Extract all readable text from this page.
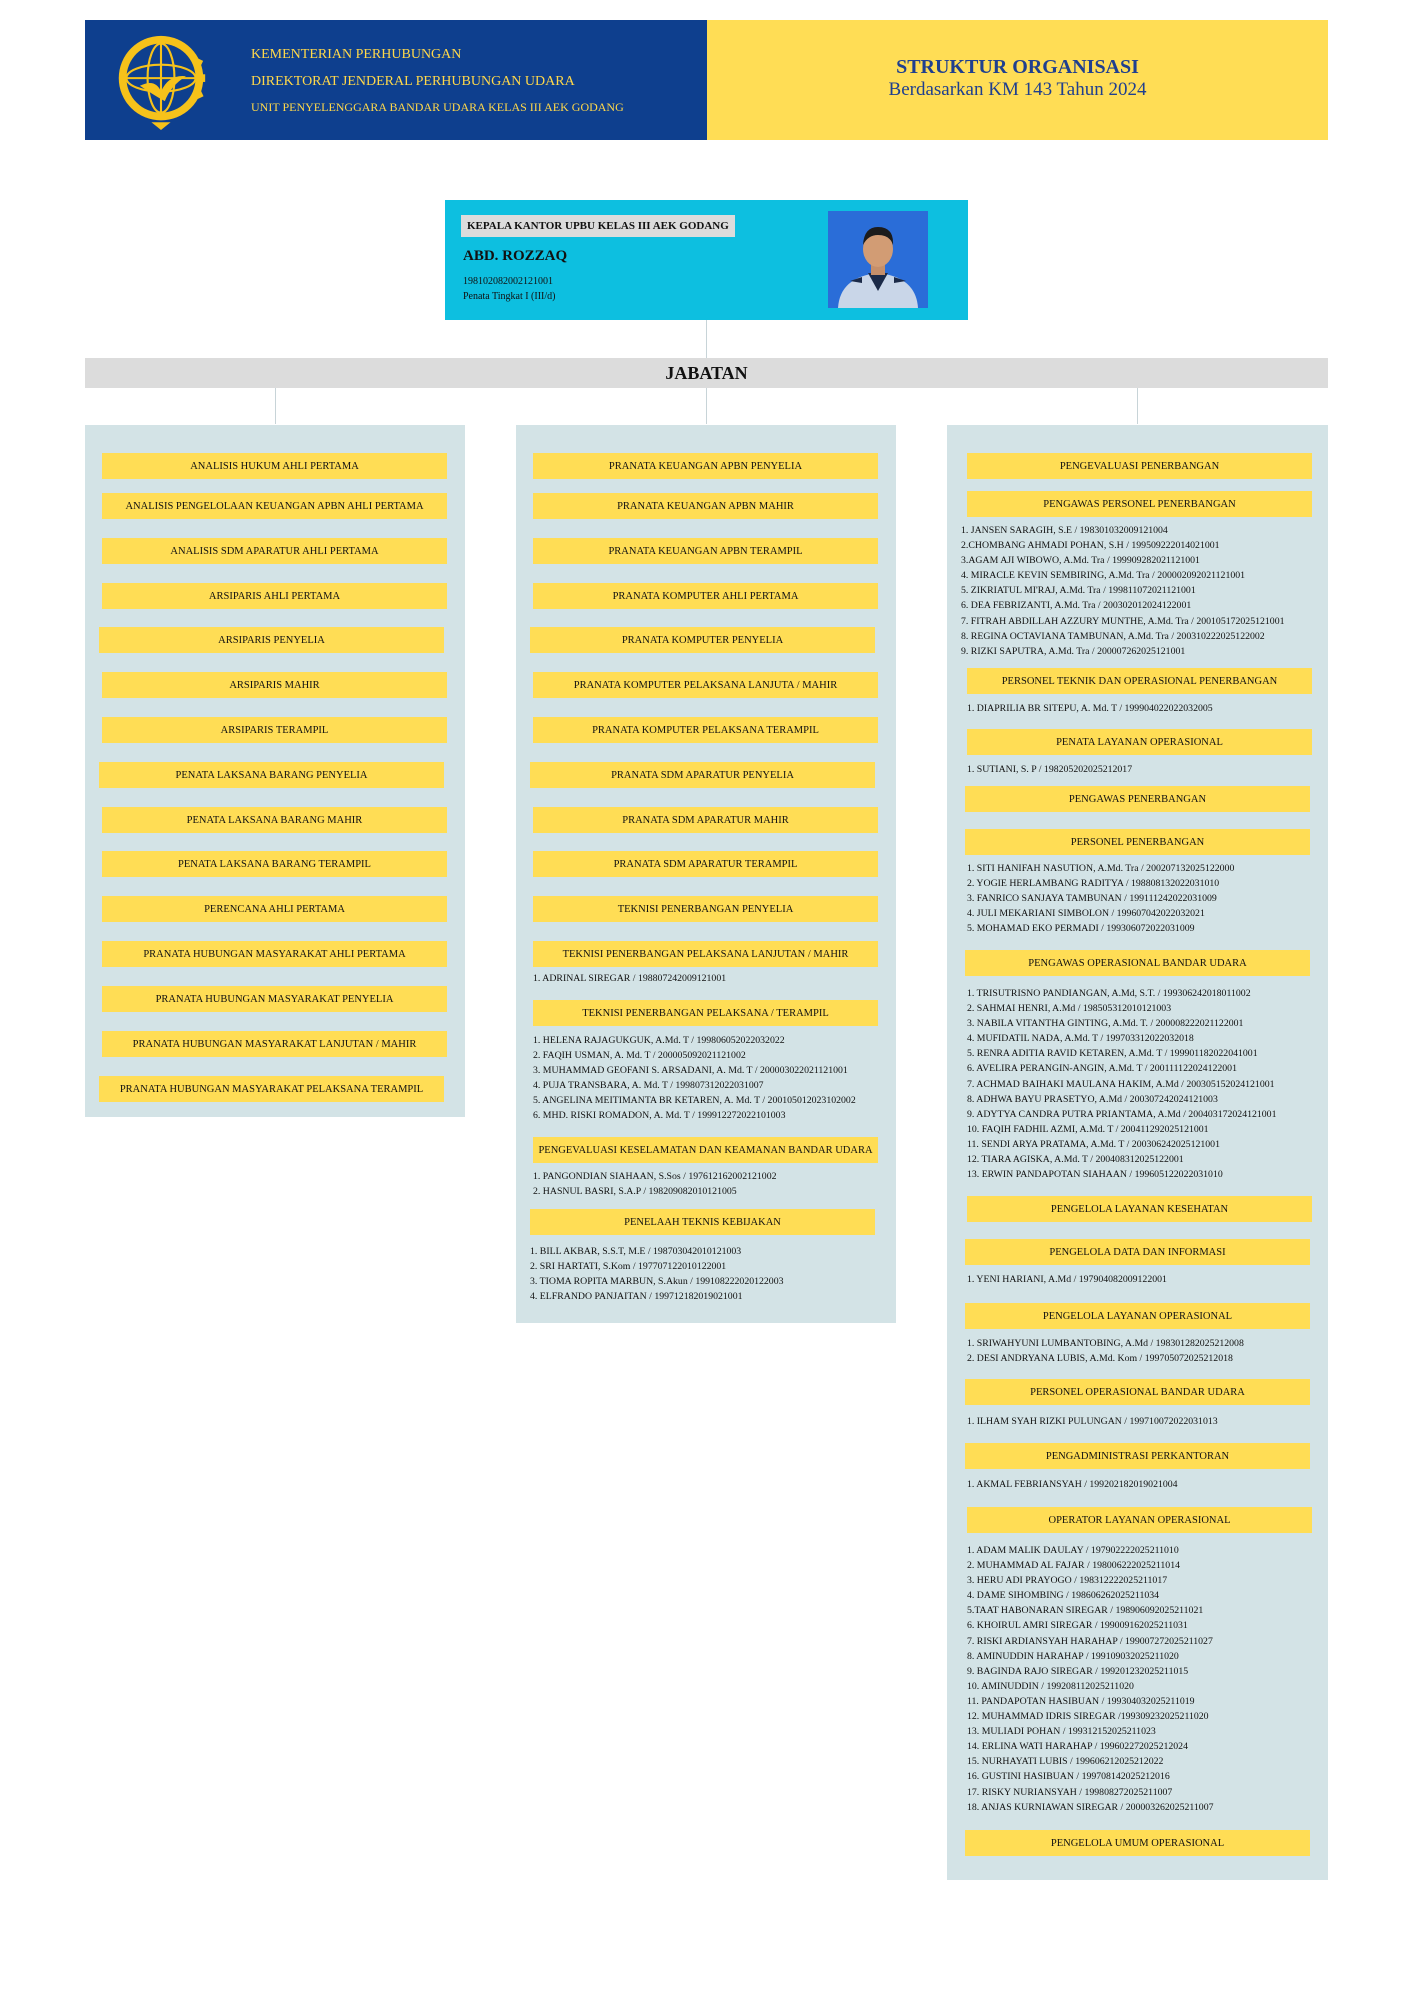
KEMENTERIAN PERHUBUNGAN
DIREKTORAT JENDERAL PERHUBUNGAN UDARA
UNIT PENYELENGGARA BANDAR UDARA KELAS III AEK GODANG
STRUKTUR ORGANISASI
Berdasarkan KM 143 Tahun 2024
KEPALA KANTOR UPBU KELAS III AEK GODANG
ABD. ROZZAQ
198102082002121001
Penata Tingkat I (III/d)
JABATAN
ANALISIS HUKUM AHLI PERTAMA
ANALISIS PENGELOLAAN KEUANGAN APBN AHLI PERTAMA
ANALISIS SDM APARATUR AHLI PERTAMA
ARSIPARIS AHLI PERTAMA
ARSIPARIS PENYELIA
ARSIPARIS MAHIR
ARSIPARIS TERAMPIL
PENATA LAKSANA BARANG PENYELIA
PENATA LAKSANA BARANG MAHIR
PENATA LAKSANA BARANG TERAMPIL
PERENCANA AHLI PERTAMA
PRANATA HUBUNGAN MASYARAKAT AHLI PERTAMA
PRANATA HUBUNGAN MASYARAKAT PENYELIA
PRANATA HUBUNGAN MASYARAKAT LANJUTAN / MAHIR
PRANATA HUBUNGAN MASYARAKAT PELAKSANA TERAMPIL
PRANATA KEUANGAN APBN PENYELIA
PRANATA KEUANGAN APBN MAHIR
PRANATA KEUANGAN APBN TERAMPIL
PRANATA KOMPUTER AHLI PERTAMA
PRANATA KOMPUTER PENYELIA
PRANATA KOMPUTER PELAKSANA LANJUTA / MAHIR
PRANATA KOMPUTER PELAKSANA TERAMPIL
PRANATA SDM APARATUR PENYELIA
PRANATA SDM APARATUR MAHIR
PRANATA SDM APARATUR TERAMPIL
TEKNISI PENERBANGAN PENYELIA
TEKNISI PENERBANGAN PELAKSANA LANJUTAN / MAHIR
1. ADRINAL SIREGAR / 198807242009121001
TEKNISI PENERBANGAN PELAKSANA / TERAMPIL
1. HELENA RAJAGUKGUK, A.Md. T / 199806052022032022
2. FAQIH USMAN, A. Md. T / 200005092021121002
3. MUHAMMAD GEOFANI S. ARSADANI, A. Md. T / 200003022021121001
4. PUJA TRANSBARA, A. Md. T / 199807312022031007
5. ANGELINA MEITIMANTA BR KETAREN, A. Md. T / 200105012023102002
6. MHD. RISKI ROMADON, A. Md. T / 199912272022101003
PENGEVALUASI KESELAMATAN DAN KEAMANAN BANDAR UDARA
1. PANGONDIAN SIAHAAN, S.Sos / 197612162002121002
2. HASNUL BASRI, S.A.P / 198209082010121005
PENELAAH TEKNIS KEBIJAKAN
1. BILL AKBAR, S.S.T, M.E / 198703042010121003
2. SRI HARTATI, S.Kom / 197707122010122001
3. TIOMA ROPITA MARBUN, S.Akun / 199108222020122003
4. ELFRANDO PANJAITAN / 199712182019021001
PENGEVALUASI PENERBANGAN
PENGAWAS PERSONEL PENERBANGAN
1. JANSEN SARAGIH, S.E / 198301032009121004
2.CHOMBANG AHMADI POHAN, S.H / 199509222014021001
3.AGAM AJI WIBOWO, A.Md. Tra / 199909282021121001
4. MIRACLE KEVIN SEMBIRING, A.Md. Tra / 200002092021121001
5. ZIKRIATUL MI'RAJ, A.Md. Tra / 199811072021121001
6. DEA FEBRIZANTI, A.Md. Tra / 200302012024122001
7. FITRAH ABDILLAH AZZURY MUNTHE, A.Md. Tra / 200105172025121001
8. REGINA OCTAVIANA TAMBUNAN, A.Md. Tra / 200310222025122002
9. RIZKI SAPUTRA, A.Md. Tra / 200007262025121001
PERSONEL TEKNIK DAN OPERASIONAL PENERBANGAN
1. DIAPRILIA BR SITEPU, A. Md. T / 199904022022032005
PENATA LAYANAN OPERASIONAL
1. SUTIANI, S. P / 198205202025212017
PENGAWAS PENERBANGAN
PERSONEL PENERBANGAN
1. SITI HANIFAH NASUTION, A.Md. Tra / 200207132025122000
2. YOGIE HERLAMBANG RADITYA / 198808132022031010
3. FANRICO SANJAYA TAMBUNAN / 199111242022031009
4. JULI MEKARIANI SIMBOLON / 199607042022032021
5. MOHAMAD EKO PERMADI / 199306072022031009
PENGAWAS OPERASIONAL BANDAR UDARA
1. TRISUTRISNO PANDIANGAN, A.Md, S.T. / 199306242018011002
2. SAHMAI HENRI, A.Md / 198505312010121003
3. NABILA VITANTHA GINTING, A.Md. T. / 200008222021122001
4. MUFIDATIL NADA, A.Md. T / 199703312022032018
5. RENRA ADITIA RAVID KETAREN, A.Md. T / 199901182022041001
6. AVELIRA PERANGIN-ANGIN, A.Md. T / 200111122024122001
7. ACHMAD BAIHAKI MAULANA HAKIM, A.Md / 200305152024121001
8. ADHWA BAYU PRASETYO, A.Md / 200307242024121003
9. ADYTYA CANDRA PUTRA PRIANTAMA, A.Md / 200403172024121001
10. FAQIH FADHIL AZMI, A.Md. T / 200411292025121001
11. SENDI ARYA PRATAMA, A.Md. T / 200306242025121001
12. TIARA AGISKA, A.Md. T / 200408312025122001
13. ERWIN PANDAPOTAN SIAHAAN / 199605122022031010
PENGELOLA LAYANAN KESEHATAN
PENGELOLA DATA DAN INFORMASI
1. YENI HARIANI, A.Md / 197904082009122001
PENGELOLA LAYANAN OPERASIONAL
1. SRIWAHYUNI LUMBANTOBING, A.Md / 198301282025212008
2. DESI ANDRYANA LUBIS, A.Md. Kom / 199705072025212018
PERSONEL OPERASIONAL BANDAR UDARA
1. ILHAM SYAH RIZKI PULUNGAN / 199710072022031013
PENGADMINISTRASI PERKANTORAN
1. AKMAL FEBRIANSYAH / 199202182019021004
OPERATOR LAYANAN OPERASIONAL
1. ADAM MALIK DAULAY / 197902222025211010
2. MUHAMMAD AL FAJAR / 198006222025211014
3. HERU ADI PRAYOGO / 198312222025211017
4. DAME SIHOMBING / 198606262025211034
5.TAAT HABONARAN SIREGAR / 198906092025211021
6. KHOIRUL AMRI SIREGAR / 199009162025211031
7. RISKI ARDIANSYAH HARAHAP / 199007272025211027
8. AMINUDDIN HARAHAP / 199109032025211020
9. BAGINDA RAJO SIREGAR / 199201232025211015
10. AMINUDDIN / 199208112025211020
11. PANDAPOTAN HASIBUAN / 199304032025211019
12. MUHAMMAD IDRIS SIREGAR /199309232025211020
13. MULIADI POHAN / 199312152025211023
14. ERLINA WATI HARAHAP / 199602272025212024
15. NURHAYATI LUBIS / 199606212025212022
16. GUSTINI HASIBUAN / 199708142025212016
17. RISKY NURIANSYAH / 199808272025211007
18. ANJAS KURNIAWAN SIREGAR / 200003262025211007
PENGELOLA UMUM OPERASIONAL
